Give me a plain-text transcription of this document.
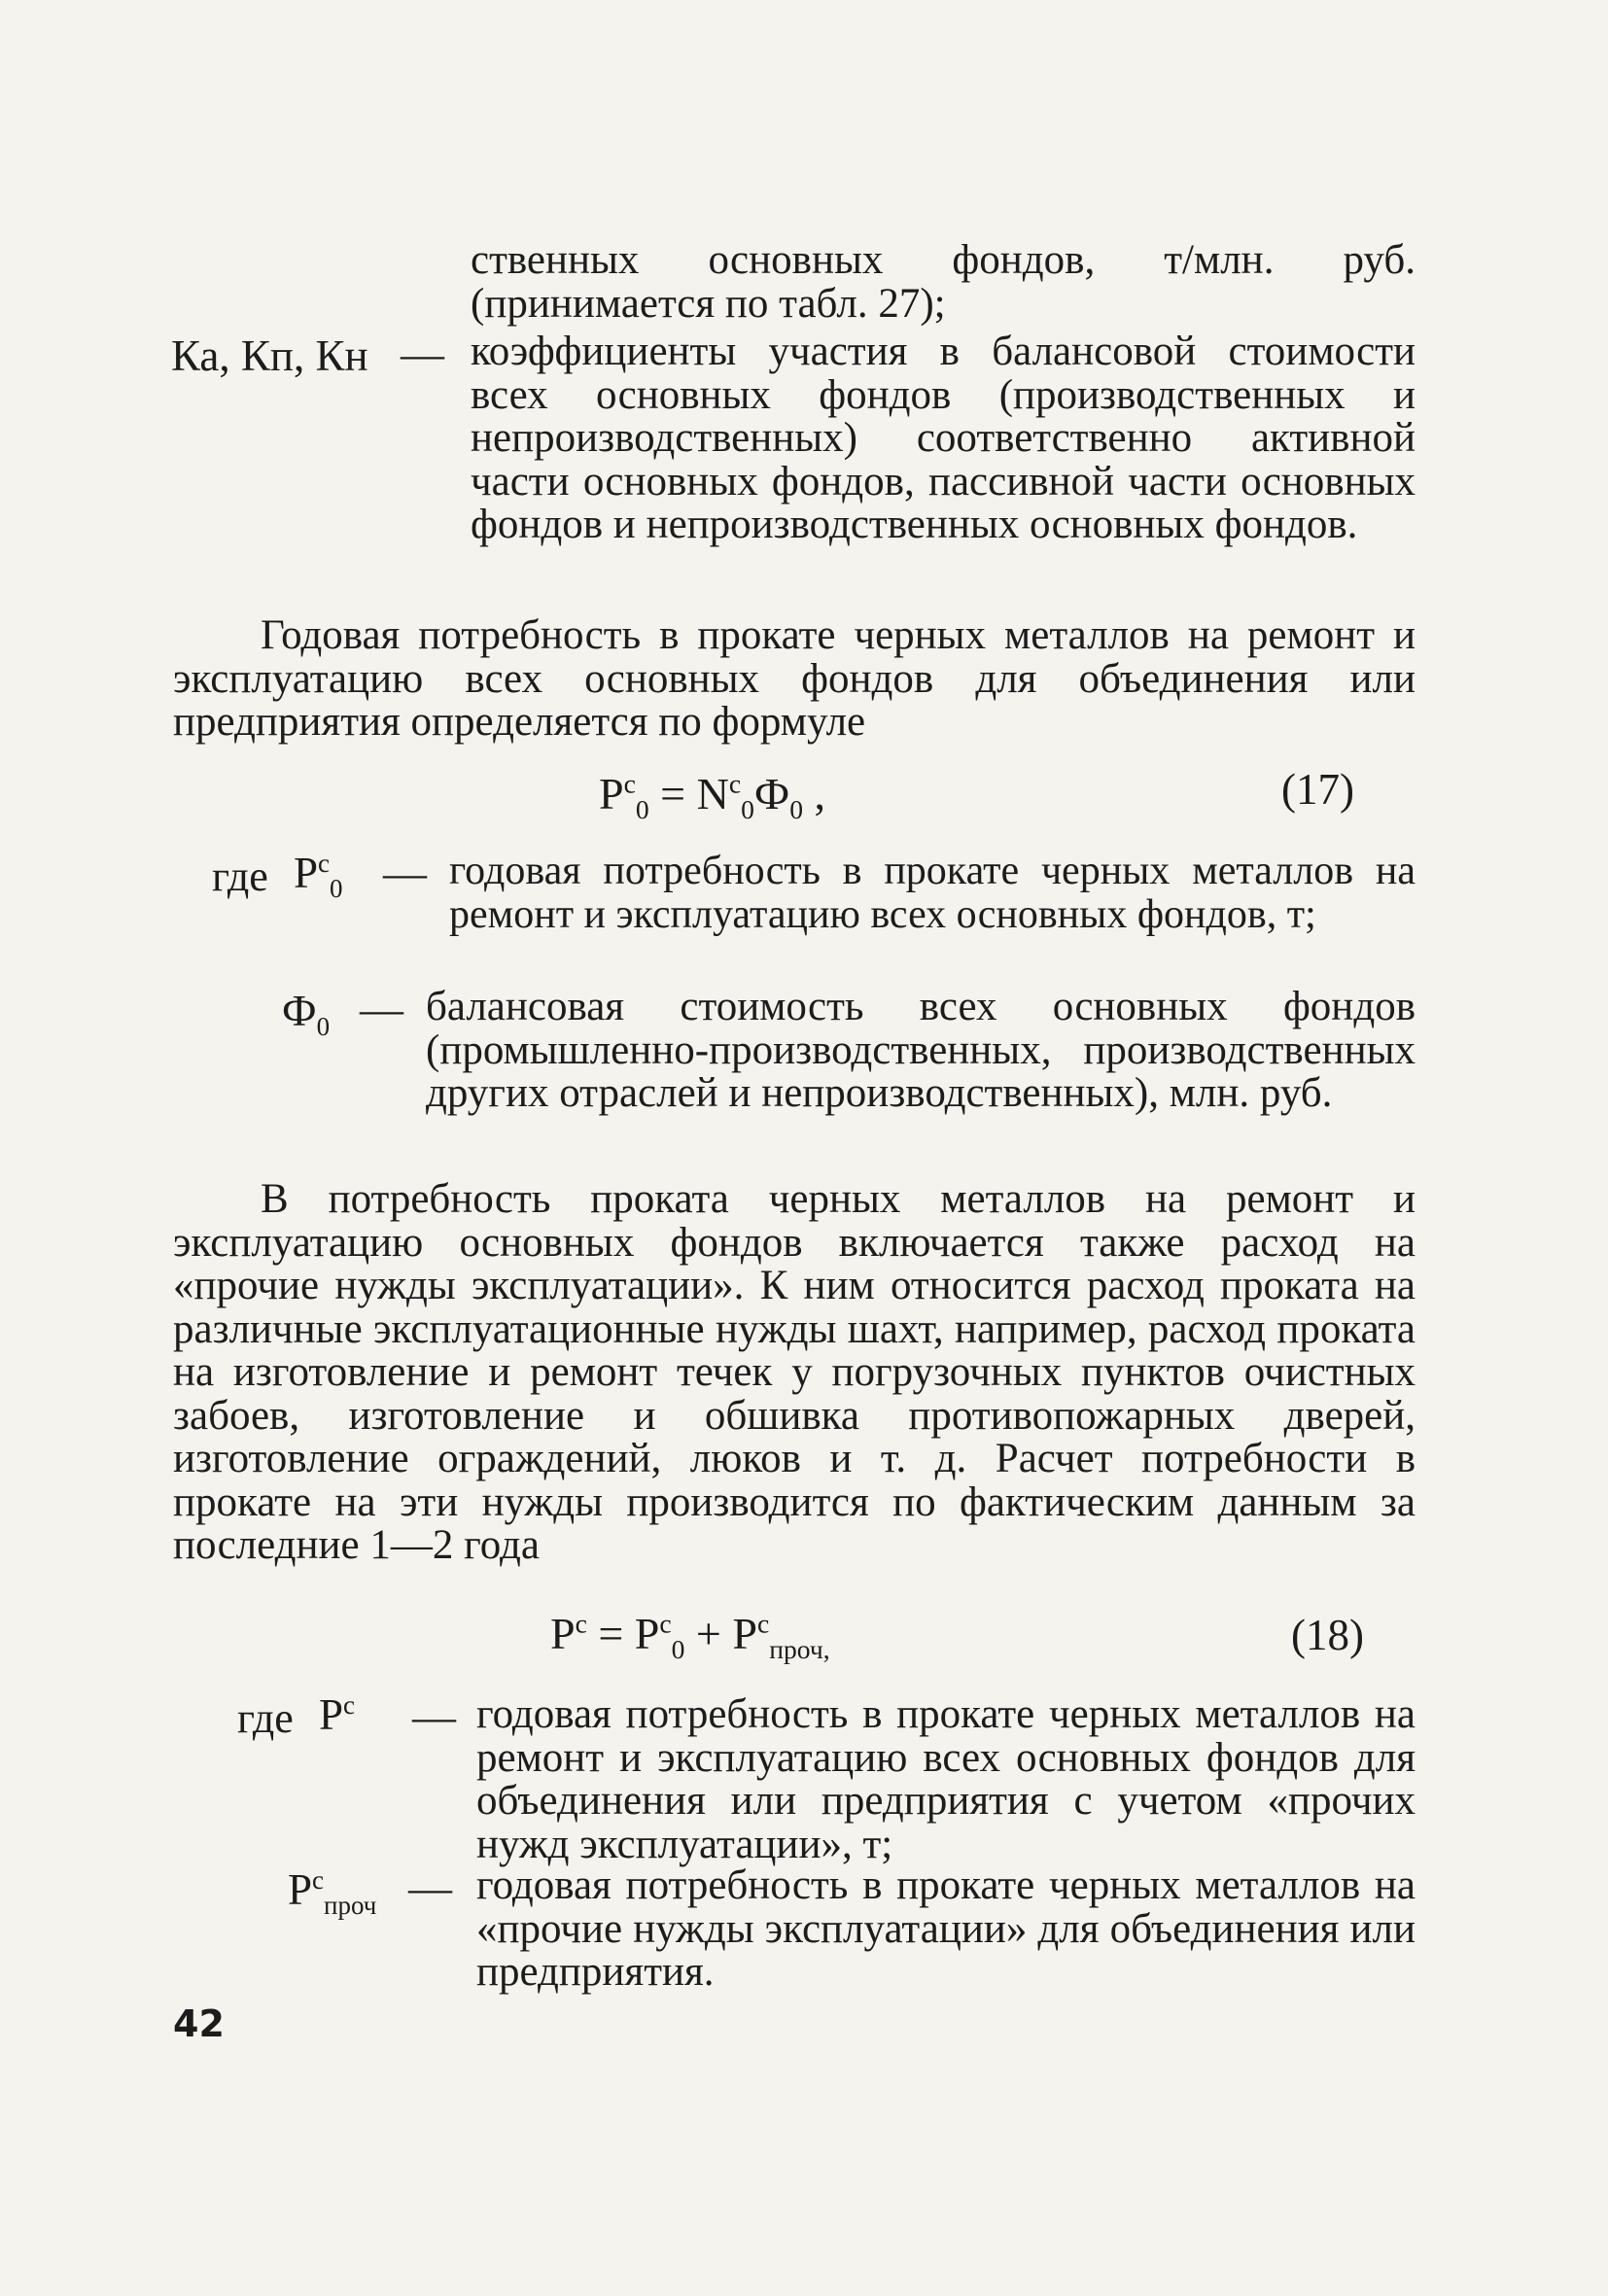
ственных основных фондов, т/млн. руб. (принимается по табл. 27);
Ка, Кп, Кн — коэффициенты участия в балансовой стоимости всех основных фондов (производственных и непроизводственных) соответственно активной части основных фондов, пассивной части основных фондов и непроизводственных основных фондов.
Годовая потребность в прокате черных металлов на ремонт и эксплуатацию всех основных фондов для объединения или предприятия определяется по формуле
$P^с_0 = N^с_0Ф_0$ ,	(17)
где $P^с_0$ — годовая потребность в прокате черных металлов на ремонт и эксплуатацию всех основных фондов, т;
$Ф_0$ — балансовая стоимость всех основных фондов (промышленно-производственных, производственных других отраслей и непроизводственных), млн. руб.
В потребность проката черных металлов на ремонт и эксплуатацию основных фондов включается также расход на «прочие нужды эксплуатации». К ним относится расход проката на различные эксплуатационные нужды шахт, например, расход проката на изготовление и ремонт течек у погрузочных пунктов очистных забоев, изготовление и обшивка противопожарных дверей, изготовление ограждений, люков и т. д. Расчет потребности в прокате на эти нужды производится по фактическим данным за последние 1—2 года
$P^с = P^с_0 + P^с_{проч,}$	(18)
где $P^с$ — годовая потребность в прокате черных металлов на ремонт и эксплуатацию всех основных фондов для объединения или предприятия с учетом «прочих нужд эксплуатации», т;
$P^с_{проч}$ — годовая потребность в прокате черных металлов на «прочие нужды эксплуатации» для объединения или предприятия.
42
